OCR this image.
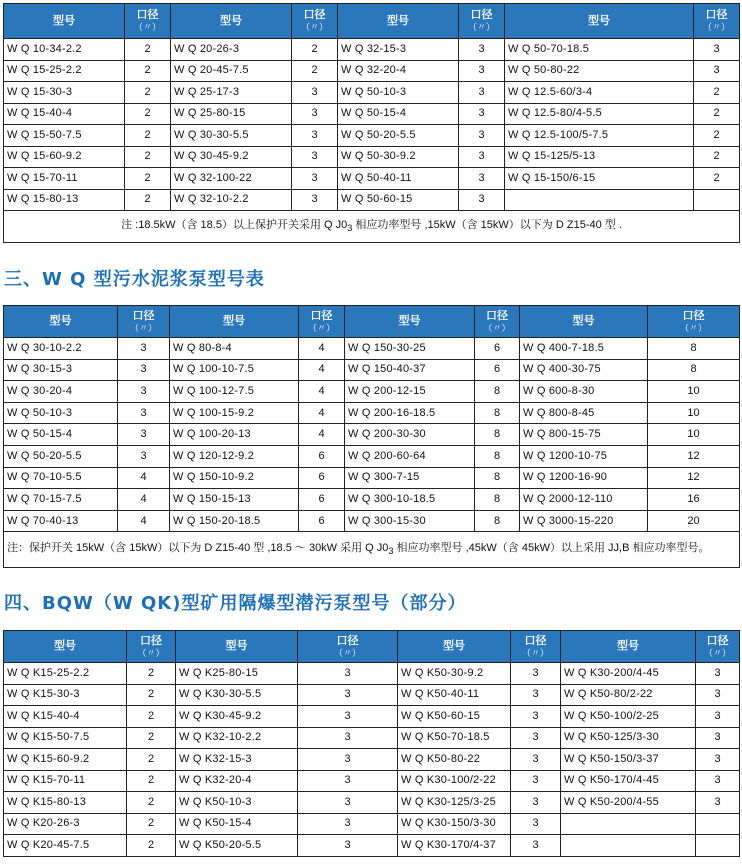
型号	口径
（〃）	型号	口径
（〃）	型号	口径
（〃）	型号	口径
（〃）

W Q 10-34-2.2	2	W Q 20-26-3	2	W Q 32-15-3	3	W Q 50-70-18.5	3
W Q 15-25-2.2	2	W Q 20-45-7.5	2	W Q 32-20-4	3	W Q 50-80-22	3
W Q 15-30-3	2	W Q 25-17-3	3	W Q 50-10-3	3	W Q 12.5-60/3-4	2
W Q 15-40-4	2	W Q 25-80-15	3	W Q 50-15-4	3	W Q 12.5-80/4-5.5	2
W Q 15-50-7.5	2	W Q 30-30-5.5	3	W Q 50-20-5.5	3	W Q 12.5-100/5-7.5	2
W Q 15-60-9.2	2	W Q 30-45-9.2	3	W Q 50-30-9.2	3	W Q 15-125/5-13	2
W Q 15-70-11	2	W Q 32-100-22	3	W Q 50-40-11	3	W Q 15-150/6-15	2
W Q 15-80-13	2	W Q 32-10-2.2	3	W Q 50-60-15	3		
注 :18.5kW（含 18.5）以上保护开关采用 Q $J0_3$ 相应功率型号 ,15kW（含 15kW）以下为 D Z15-40 型 .							
三、W Q 型污水泥浆泵型号表
型号	口径
（〃）	型号	口径
（〃）	型号	口径
（〃）	型号	口径
（〃）

W Q 30-10-2.2	3	W Q 80-8-4	4	W Q 150-30-25	6	W Q 400-7-18.5	8
W Q 30-15-3	3	W Q 100-10-7.5	4	W Q 150-40-37	6	W Q 400-30-75	8
W Q 30-20-4	3	W Q 100-12-7.5	4	W Q 200-12-15	8	W Q 600-8-30	10
W Q 50-10-3	3	W Q 100-15-9.2	4	W Q 200-16-18.5	8	W Q 800-8-45	10
W Q 50-15-4	3	W Q 100-20-13	4	W Q 200-30-30	8	W Q 800-15-75	10
W Q 50-20-5.5	3	W Q 120-12-9.2	6	W Q 200-60-64	8	W Q 1200-10-75	12
W Q 70-10-5.5	4	W Q 150-10-9.2	6	W Q 300-7-15	8	W Q 1200-16-90	12
W Q 70-15-7.5	4	W Q 150-15-13	6	W Q 300-10-18.5	8	W Q 2000-12-110	16
W Q 70-40-13	4	W Q 150-20-18.5	6	W Q 300-15-30	8	W Q 3000-15-220	20
注：保护开关 15kW（含 15kW）以下为 D Z15-40 型 ,18.5 ～ 30kW 采用 Q $J0_3$ 相应功率型号 ,45kW（含 45kW）以上采用 JJ,B 相应功率型号。							
四、BQW（W QK)型矿用隔爆型潜污泵型号（部分）
型号	口径
（〃）	型号	口径
（〃）	型号	口径
（〃）	型号	口径
（〃）

W Q K15-25-2.2	2	W Q K25-80-15	3	W Q K50-30-9.2	3	W Q K30-200/4-45	3
W Q K15-30-3	2	W Q K30-30-5.5	3	W Q K50-40-11	3	W Q K50-80/2-22	3
W Q K15-40-4	2	W Q K30-45-9.2	3	W Q K50-60-15	3	W Q K50-100/2-25	3
W Q K15-50-7.5	2	W Q K32-10-2.2	3	W Q K50-70-18.5	3	W Q K50-125/3-30	3
W Q K15-60-9.2	2	W Q K32-15-3	3	W Q K50-80-22	3	W Q K50-150/3-37	3
W Q K15-70-11	2	W Q K32-20-4	3	W Q K30-100/2-22	3	W Q K50-170/4-45	3
W Q K15-80-13	2	W Q K50-10-3	3	W Q K30-125/3-25	3	W Q K50-200/4-55	3
W Q K20-26-3	2	W Q K50-15-4	3	W Q K30-150/3-30	3		
W Q K20-45-7.5	2	W Q K50-20-5.5	3	W Q K30-170/4-37	3		
